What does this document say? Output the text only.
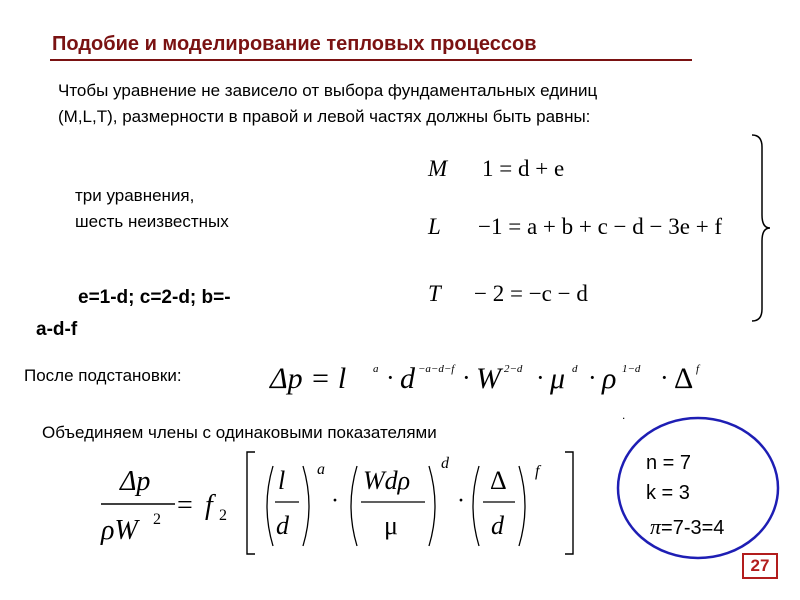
Подобие и моделирование тепловых процессов
Чтобы уравнение не зависело от выбора фундаментальных единиц
(M,L,T), размерности в правой и левой частях должны быть равны:
три уравнения,
шесть неизвестных
e=1-d; c=2-d; b=-
a-d-f
M 1 = d + e
L −1 = a + b + c − d − 3e + f
T − 2 = −c − d
После подстановки:	Δp = l a · d −a−d−f · W 2−d · μ d · ρ 1−d · Δ f
.
Объединяем члены с одинаковыми показателями
Δp
ρW 2 = f 2
l
d
a
·
Wdρ
μ
d
·
Δ
d
f	n = 7
k = 3
π=7-3=4
27
